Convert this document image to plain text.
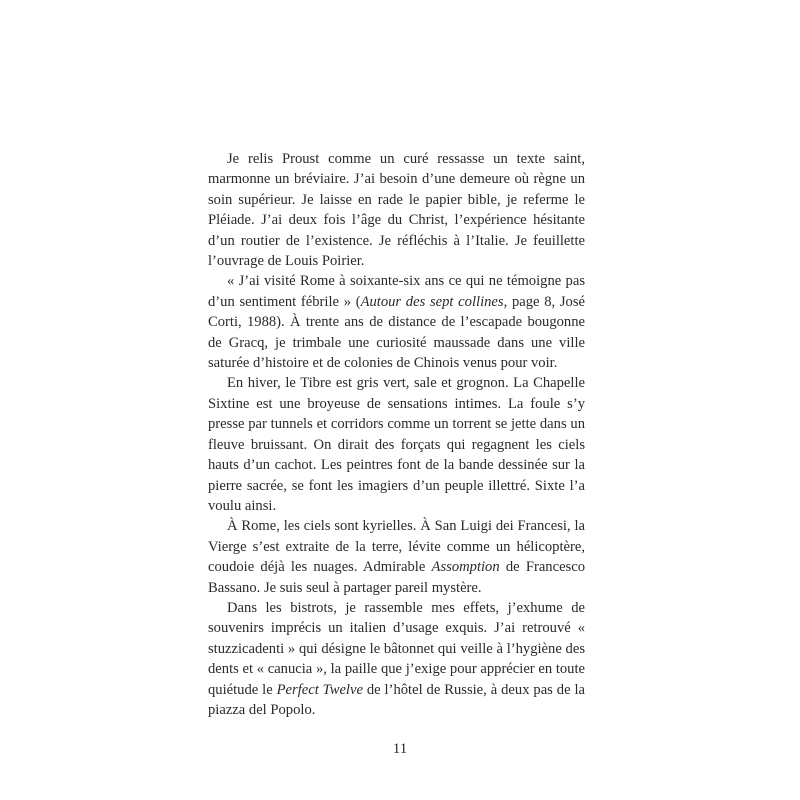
Je relis Proust comme un curé ressasse un texte saint, marmonne un bréviaire. J’ai besoin d’une demeure où règne un soin supérieur. Je laisse en rade le papier bible, je referme le Pléiade. J’ai deux fois l’âge du Christ, l’expérience hésitante d’un routier de l’existence. Je réfléchis à l’Italie. Je feuillette l’ouvrage de Louis Poirier.

« J’ai visité Rome à soixante-six ans ce qui ne témoigne pas d’un sentiment fébrile » (Autour des sept collines, page 8, José Corti, 1988). À trente ans de distance de l’escapade bougonne de Gracq, je trimbale une curiosité maussade dans une ville saturée d’histoire et de colonies de Chinois venus pour voir.

En hiver, le Tibre est gris vert, sale et grognon. La Chapelle Sixtine est une broyeuse de sensations intimes. La foule s’y presse par tunnels et corridors comme un torrent se jette dans un fleuve bruissant. On dirait des forçats qui regagnent les ciels hauts d’un cachot. Les peintres font de la bande dessinée sur la pierre sacrée, se font les imagiers d’un peuple illettré. Sixte l’a voulu ainsi.

À Rome, les ciels sont kyrielles. À San Luigi dei Francesi, la Vierge s’est extraite de la terre, lévite comme un hélicoptère, coudoie déjà les nuages. Admirable Assomption de Francesco Bassano. Je suis seul à partager pareil mystère.

Dans les bistrots, je rassemble mes effets, j’exhume de souvenirs imprécis un italien d’usage exquis. J’ai retrouvé « stuzzicadenti » qui désigne le bâtonnet qui veille à l’hygiène des dents et « canucia », la paille que j’exige pour apprécier en toute quiétude le Perfect Twelve de l’hôtel de Russie, à deux pas de la piazza del Popolo.

11
